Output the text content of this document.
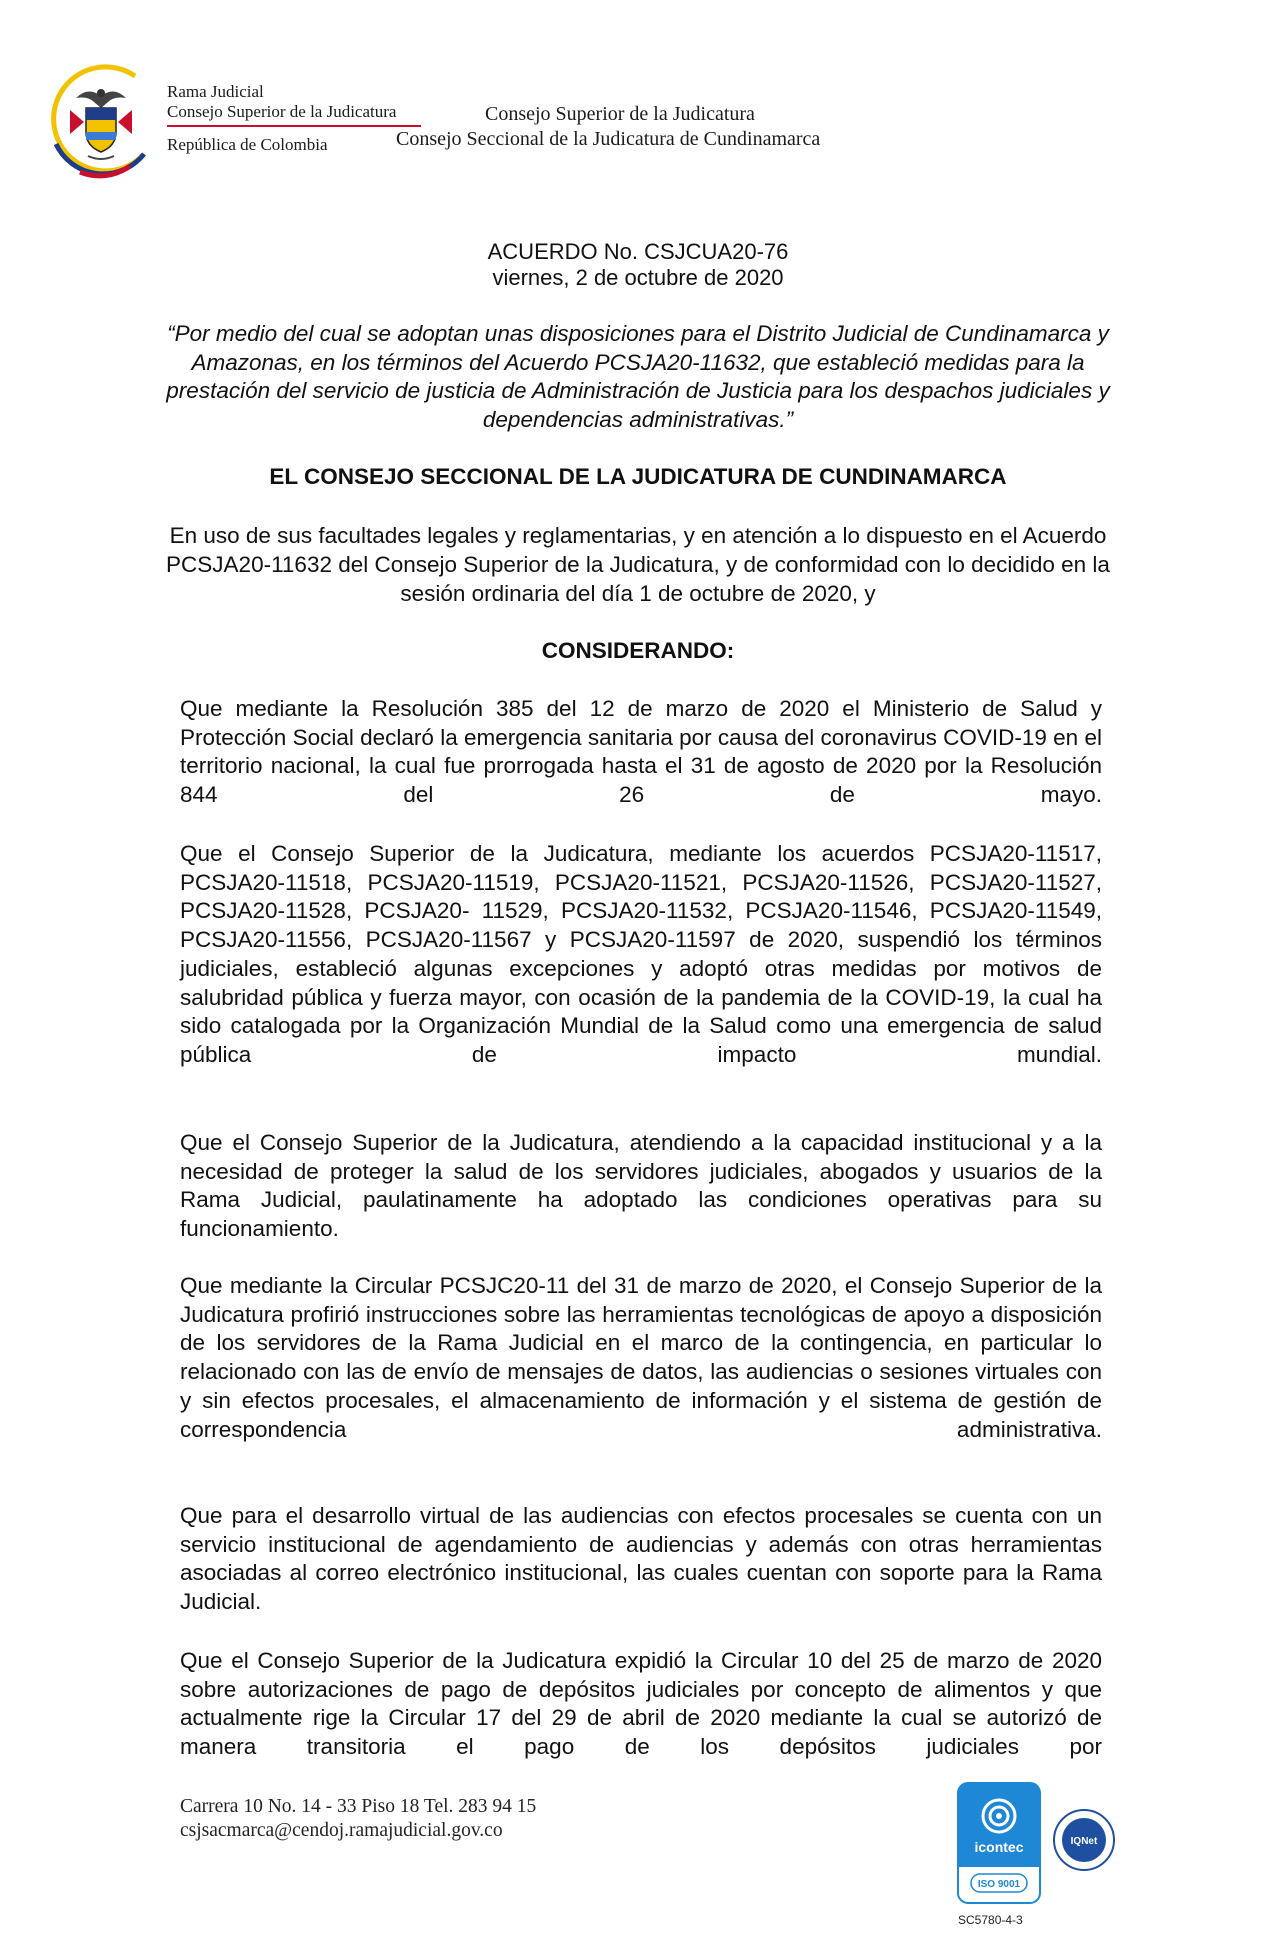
Rama Judicial
Consejo Superior de la Judicatura
República de Colombia
Consejo Superior de la Judicatura
Consejo Seccional de la Judicatura de Cundinamarca
ACUERDO No. CSJCUA20-76
viernes, 2 de octubre de 2020
“Por medio del cual se adoptan unas disposiciones para el Distrito Judicial de Cundinamarca y Amazonas, en los términos del Acuerdo PCSJA20-11632, que estableció medidas para la prestación del servicio de justicia de Administración de Justicia para los despachos judiciales y dependencias administrativas.”
EL CONSEJO SECCIONAL DE LA JUDICATURA DE CUNDINAMARCA
En uso de sus facultades legales y reglamentarias, y en atención a lo dispuesto en el Acuerdo PCSJA20-11632 del Consejo Superior de la Judicatura, y de conformidad con lo decidido en la sesión ordinaria del día 1 de octubre de 2020, y
CONSIDERANDO:
Que mediante la Resolución 385 del 12 de marzo de 2020 el Ministerio de Salud y Protección Social declaró la emergencia sanitaria por causa del coronavirus COVID-19 en el territorio nacional, la cual fue prorrogada hasta el 31 de agosto de 2020 por la Resolución 844 del 26 de mayo.
Que el Consejo Superior de la Judicatura, mediante los acuerdos PCSJA20-11517, PCSJA20-11518, PCSJA20-11519, PCSJA20-11521, PCSJA20-11526, PCSJA20-11527, PCSJA20-11528, PCSJA20- 11529, PCSJA20-11532, PCSJA20-11546, PCSJA20-11549, PCSJA20-11556, PCSJA20-11567 y PCSJA20-11597 de 2020, suspendió los términos judiciales, estableció algunas excepciones y adoptó otras medidas por motivos de salubridad pública y fuerza mayor, con ocasión de la pandemia de la COVID-19, la cual ha sido catalogada por la Organización Mundial de la Salud como una emergencia de salud pública de impacto mundial.
Que el Consejo Superior de la Judicatura, atendiendo a la capacidad institucional y a la necesidad de proteger la salud de los servidores judiciales, abogados y usuarios de la Rama Judicial, paulatinamente ha adoptado las condiciones operativas para su funcionamiento.
Que mediante la Circular PCSJC20-11 del 31 de marzo de 2020, el Consejo Superior de la Judicatura profirió instrucciones sobre las herramientas tecnológicas de apoyo a disposición de los servidores de la Rama Judicial en el marco de la contingencia, en particular lo relacionado con las de envío de mensajes de datos, las audiencias o sesiones virtuales con y sin efectos procesales, el almacenamiento de información y el sistema de gestión de correspondencia administrativa.
Que para el desarrollo virtual de las audiencias con efectos procesales se cuenta con un servicio institucional de agendamiento de audiencias y además con otras herramientas asociadas al correo electrónico institucional, las cuales cuentan con soporte para la Rama Judicial.
Que el Consejo Superior de la Judicatura expidió la Circular 10 del 25 de marzo de 2020 sobre autorizaciones de pago de depósitos judiciales por concepto de alimentos y que actualmente rige la Circular 17 del 29 de abril de 2020 mediante la cual se autorizó de manera transitoria el pago de los depósitos judiciales por
Carrera 10 No. 14 - 33 Piso 18 Tel. 283 94 15
csjsacmarca@cendoj.ramajudicial.gov.co
icontec
ISO 9001
IQNet
SC5780-4-3
